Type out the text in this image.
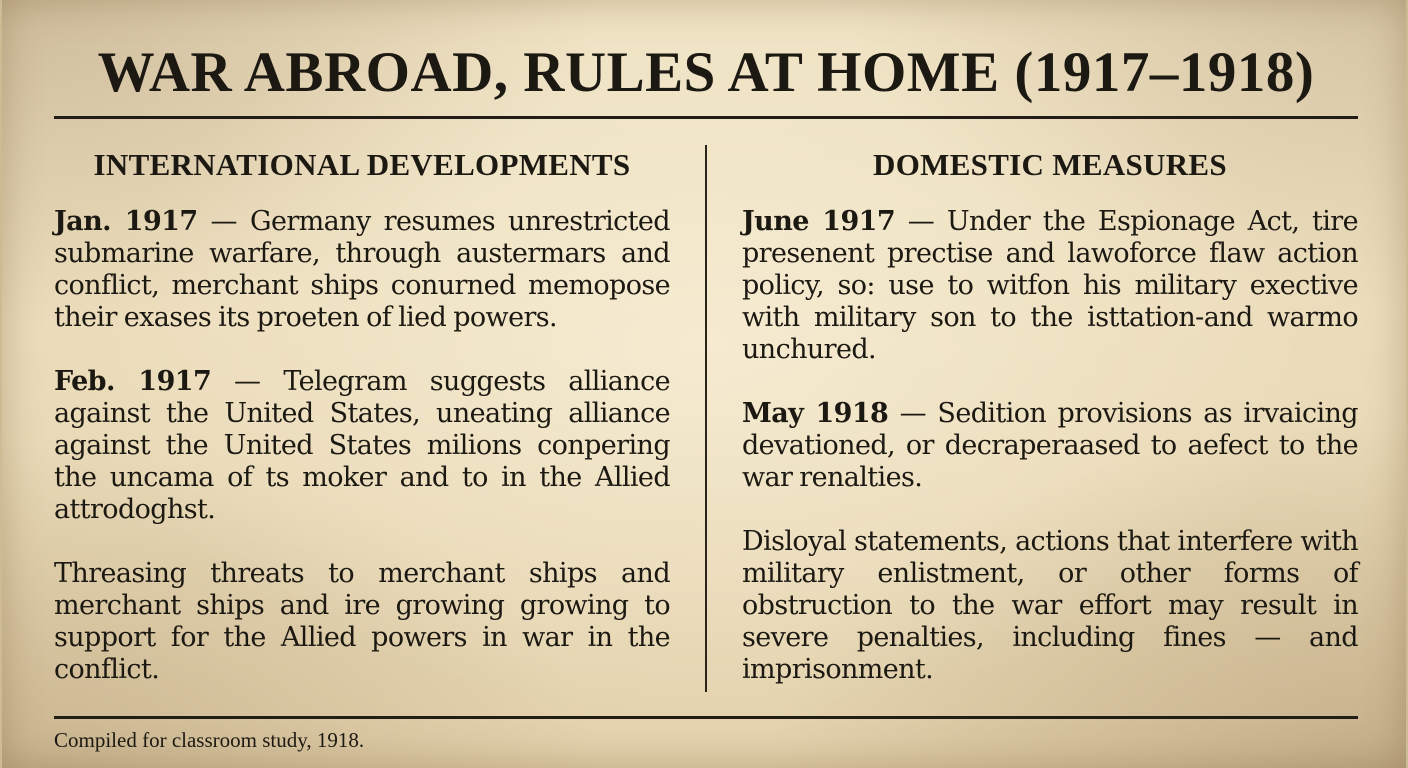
WAR ABROAD, RULES AT HOME (1917–1918)
INTERNATIONAL DEVELOPMENTS

Jan. 1917 — Germany resumes unrestricted submarine warfare, through austermars and conflict, merchant ships conurned memopose their exases its proeten of lied powers.

Feb. 1917 — Telegram suggests alliance against the United States, uneating alliance against the United States milions conpering the uncama of ts moker and to in the Allied attrodoghst.

Threasing threats to merchant ships and merchant ships and ire growing growing to support for the Allied powers in war in the conflict.

DOMESTIC MEASURES

June 1917 — Under the Espionage Act, tire presenent prectise and lawoforce flaw action policy, so: use to witfon his military exective with military son to the isttation-and warmo unchured.

May 1918 — Sedition provisions as irvaicing devationed, or decraperaased to aefect to the war renalties.

Disloyal statements, actions that interfere with military enlistment, or other forms of obstruction to the war effort may result in severe penalties, including fines — and imprisonment.

Compiled for classroom study, 1918.
